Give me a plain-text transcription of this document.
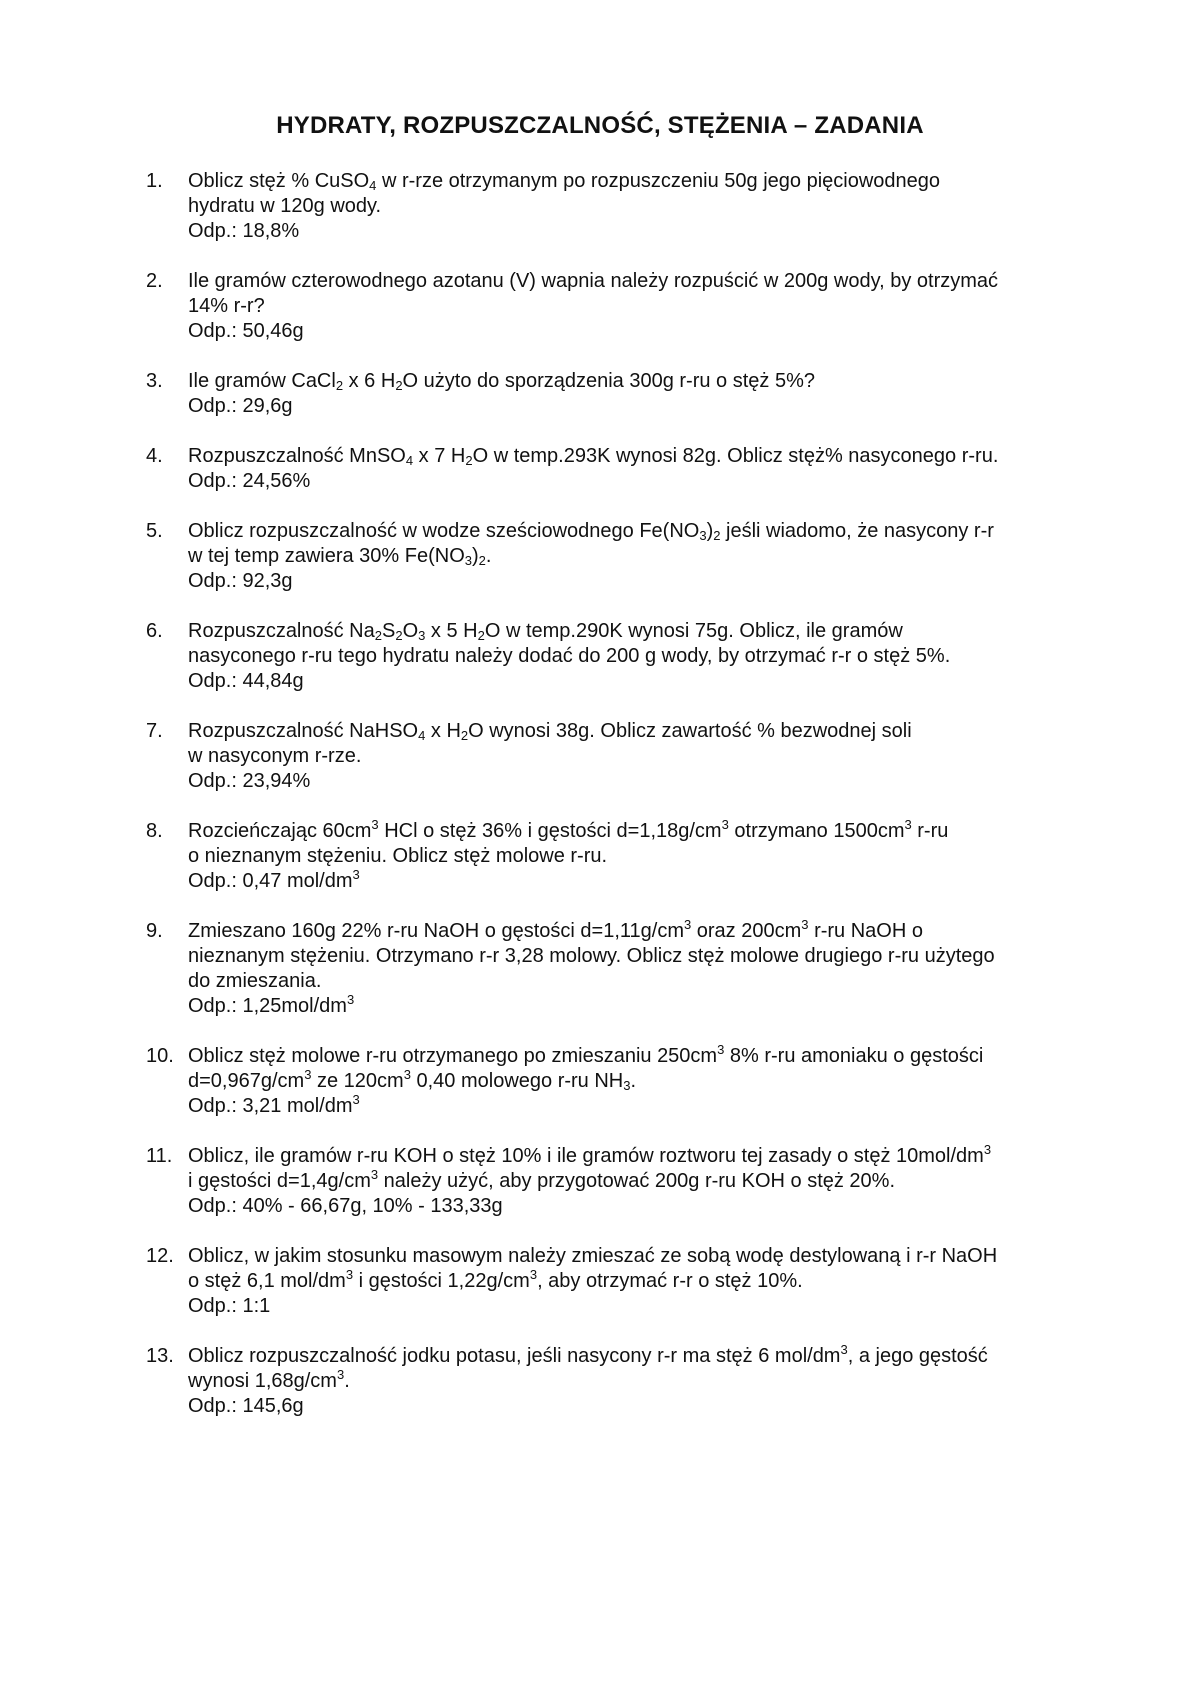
HYDRATY, ROZPUSZCZALNOŚĆ, STĘŻENIA – ZADANIA
1. Oblicz stęż % CuSO$_4$ w r-rze otrzymanym po rozpuszczeniu 50g jego pięciowodnego
hydratu w 120g wody.
Odp.: 18,8%
2. Ile gramów czterowodnego azotanu (V) wapnia należy rozpuścić w 200g wody, by otrzymać
14% r-r?
Odp.: 50,46g
3. Ile gramów CaCl$_2$ x 6 $H_2O$ użyto do sporządzenia 300g r-ru o stęż 5%?
Odp.: 29,6g
4. Rozpuszczalność MnSO$_4$ x 7 $H_2O$ w temp.293K wynosi 82g. Oblicz stęż% nasyconego r-ru.
Odp.: 24,56%
5. Oblicz rozpuszczalność w wodze sześciowodnego $Fe(NO_3)_2$ jeśli wiadomo, że nasycony r-r
w tej temp zawiera 30% $Fe(NO_3)_2$.
Odp.: 92,3g
6. Rozpuszczalność $Na_2S_2O_3$ x 5 $H_2O$ w temp.290K wynosi 75g. Oblicz, ile gramów
nasyconego r-ru tego hydratu należy dodać do 200 g wody, by otrzymać r-r o stęż 5%.
Odp.: 44,84g
7. Rozpuszczalność NaHSO$_4$ x $H_2O$ wynosi 38g. Oblicz zawartość % bezwodnej soli
w nasyconym r-rze.
Odp.: 23,94%
8. Rozcieńczając $60cm^3$ HCl o stęż 36% i gęstości $d=1,18g/cm^3$ otrzymano $1500cm^3$ r-ru
o nieznanym stężeniu. Oblicz stęż molowe r-ru.
Odp.: 0,47 mol/$dm^3$
9. Zmieszano 160g 22% r-ru NaOH o gęstości $d=1,11g/cm^3$ oraz $200cm^3$ r-ru NaOH o
nieznanym stężeniu. Otrzymano r-r 3,28 molowy. Oblicz stęż molowe drugiego r-ru użytego
do zmieszania.
Odp.: $1,25mol/dm^3$
10. Oblicz stęż molowe r-ru otrzymanego po zmieszaniu $250cm^3$ 8% r-ru amoniaku o gęstości
$d=0,967g/cm^3$ ze $120cm^3$ 0,40 molowego r-ru $NH_3$.
Odp.: 3,21 mol/$dm^3$
11. Oblicz, ile gramów r-ru KOH o stęż 10% i ile gramów roztworu tej zasady o stęż $10mol/dm^3$
i gęstości $d=1,4g/cm^3$ należy użyć, aby przygotować 200g r-ru KOH o stęż 20%.
Odp.: 40% - 66,67g, 10% - 133,33g
12. Oblicz, w jakim stosunku masowym należy zmieszać ze sobą wodę destylowaną i r-r NaOH
o stęż 6,1 mol/$dm^3$ i gęstości $1,22g/cm^3$, aby otrzymać r-r o stęż 10%.
Odp.: 1:1
13. Oblicz rozpuszczalność jodku potasu, jeśli nasycony r-r ma stęż 6 mol/$dm^3$, a jego gęstość
wynosi $1,68g/cm^3$.
Odp.: 145,6g
